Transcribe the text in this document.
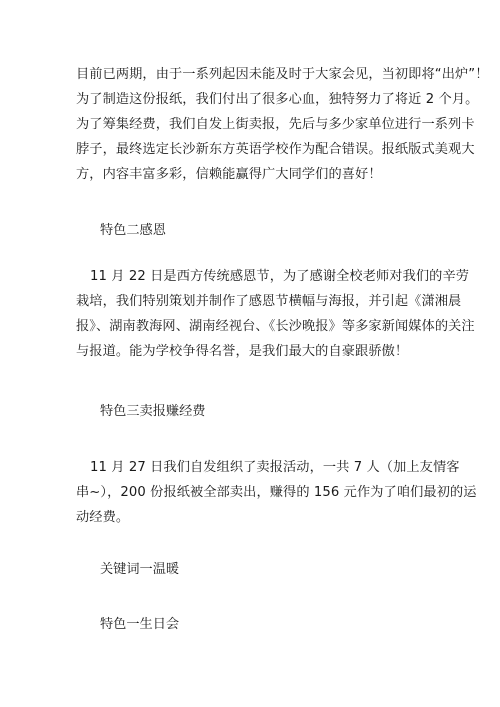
目前已两期，由于一系列起因未能及时于大家会见，当初即将“出炉”！
为了制造这份报纸，我们付出了很多心血，独特努力了将近 2 个月。
为了筹集经费，我们自发上街卖报，先后与多少家单位进行一系列卡
脖子，最终选定长沙新东方英语学校作为配合错误。报纸版式美观大
方，内容丰富多彩，信赖能赢得广大同学们的喜好！
特色二感恩
11 月 22 日是西方传统感恩节，为了感谢全校老师对我们的辛劳
栽培，我们特别策划并制作了感恩节横幅与海报，并引起《潇湘晨
报》、湖南教海网、湖南经视台、《长沙晚报》等多家新闻媒体的关注
与报道。能为学校争得名誉，是我们最大的自豪跟骄傲！
特色三卖报赚经费
11 月 27 日我们自发组织了卖报活动，一共 7 人（加上友情客
串~），200 份报纸被全部卖出，赚得的 156 元作为了咱们最初的运
动经费。
关键词一温暖
特色一生日会
